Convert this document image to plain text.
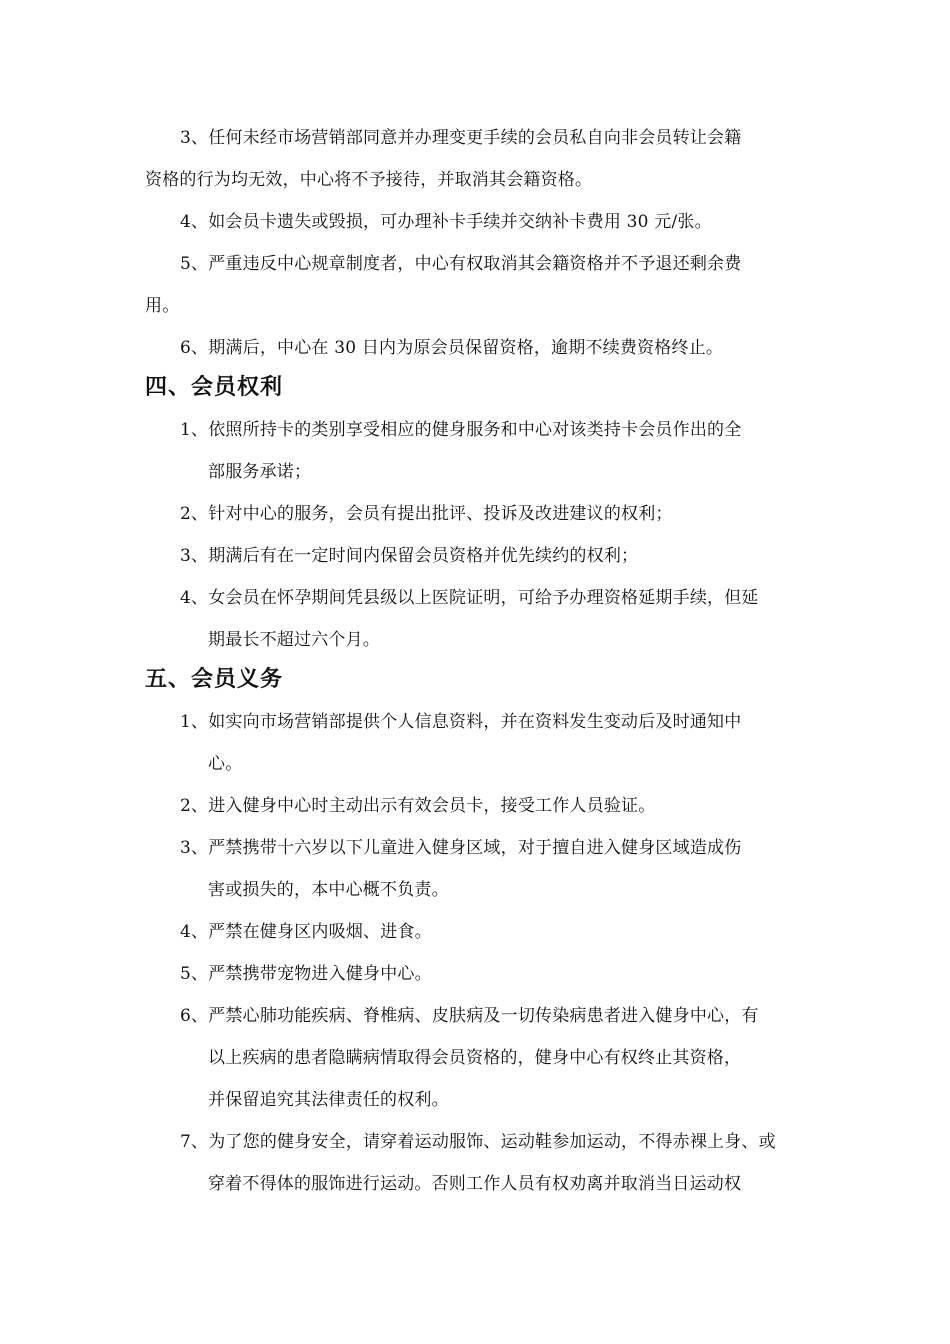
3、任何未经市场营销部同意并办理变更手续的会员私自向非会员转让会籍
资格的行为均无效，中心将不予接待，并取消其会籍资格。
4、如会员卡遗失或毁损，可办理补卡手续并交纳补卡费用 30 元/张。
5、严重违反中心规章制度者，中心有权取消其会籍资格并不予退还剩余费
用。
6、期满后，中心在 30 日内为原会员保留资格，逾期不续费资格终止。
四、会员权利
1、依照所持卡的类别享受相应的健身服务和中心对该类持卡会员作出的全
部服务承诺；
2、针对中心的服务，会员有提出批评、投诉及改进建议的权利；
3、期满后有在一定时间内保留会员资格并优先续约的权利；
4、女会员在怀孕期间凭县级以上医院证明，可给予办理资格延期手续，但延
期最长不超过六个月。
五、会员义务
1、如实向市场营销部提供个人信息资料，并在资料发生变动后及时通知中
心。
2、进入健身中心时主动出示有效会员卡，接受工作人员验证。
3、严禁携带十六岁以下儿童进入健身区域，对于擅自进入健身区域造成伤
害或损失的，本中心概不负责。
4、严禁在健身区内吸烟、进食。
5、严禁携带宠物进入健身中心。
6、严禁心肺功能疾病、脊椎病、皮肤病及一切传染病患者进入健身中心，有
以上疾病的患者隐瞒病情取得会员资格的，健身中心有权终止其资格，
并保留追究其法律责任的权利。
7、为了您的健身安全，请穿着运动服饰、运动鞋参加运动，不得赤裸上身、或
穿着不得体的服饰进行运动。否则工作人员有权劝离并取消当日运动权
